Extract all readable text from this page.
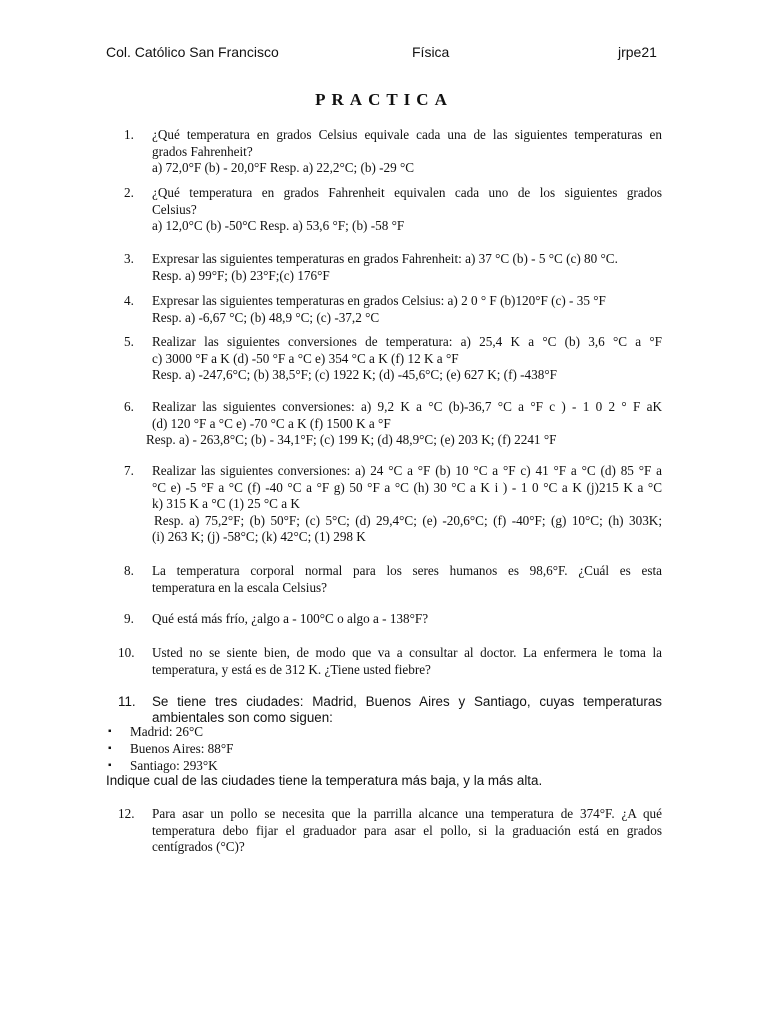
Col. Católico San Francisco	Física	jrpe21
PRACTICA
1. ¿Qué temperatura en grados Celsius equivale cada una de las siguientes temperaturas en
grados Fahrenheit?
a) 72,0°F (b) - 20,0°F Resp. a) 22,2°C; (b) -29 °C
2. ¿Qué temperatura en grados Fahrenheit equivalen cada uno de los siguientes grados
Celsius?
a) 12,0°C (b) -50°C Resp. a) 53,6 °F; (b) -58 °F
3. Expresar las siguientes temperaturas en grados Fahrenheit: a) 37 °C (b) - 5 °C (c) 80 °C.
Resp. a) 99°F; (b) 23°F;(c) 176°F
4. Expresar las siguientes temperaturas en grados Celsius: a) 2 0 ° F (b)120°F (c) - 35 °F
Resp. a) -6,67 °C; (b) 48,9 °C; (c) -37,2 °C
5. Realizar las siguientes conversiones de temperatura: a) 25,4 K a °C (b) 3,6 °C a °F
c) 3000 °F a K (d) -50 °F a °C e) 354 °C a K (f) 12 K a °F
Resp. a) -247,6°C; (b) 38,5°F; (c) 1922 K; (d) -45,6°C; (e) 627 K; (f) -438°F
6. Realizar las siguientes conversiones: a) 9,2 K a °C (b)-36,7 °C a °F c ) - 1 0 2 ° F aK
(d) 120 °F a °C e) -70 °C a K (f) 1500 K a °F
Resp. a) - 263,8°C; (b) - 34,1°F; (c) 199 K; (d) 48,9°C; (e) 203 K; (f) 2241 °F
7. Realizar las siguientes conversiones: a) 24 °C a °F (b) 10 °C a °F c) 41 °F a °C (d) 85 °F a
°C e) -5 °F a °C (f) -40 °C a °F g) 50 °F a °C (h) 30 °C a K i ) - 1 0 °C a K (j)215 K a °C
k) 315 K a °C (1) 25 °C a K
Resp. a) 75,2°F; (b) 50°F; (c) 5°C; (d) 29,4°C; (e) -20,6°C; (f) -40°F; (g) 10°C; (h) 303K;
(i) 263 K; (j) -58°C; (k) 42°C; (1) 298 K
8. La temperatura corporal normal para los seres humanos es 98,6°F. ¿Cuál es esta
temperatura en la escala Celsius?
9. Qué está más frío, ¿algo a - 100°C o algo a - 138°F?
10. Usted no se siente bien, de modo que va a consultar al doctor. La enfermera le toma la
temperatura, y está es de 312 K. ¿Tiene usted fiebre?
11. Se tiene tres ciudades: Madrid, Buenos Aires y Santiago, cuyas temperaturas
ambientales son como siguen:
▪ Madrid: 26°C
▪ Buenos Aires: 88°F
▪ Santiago: 293°K
Indique cual de las ciudades tiene la temperatura más baja, y la más alta.
12. Para asar un pollo se necesita que la parrilla alcance una temperatura de 374°F. ¿A qué
temperatura debo fijar el graduador para asar el pollo, si la graduación está en grados
centígrados (°C)?
